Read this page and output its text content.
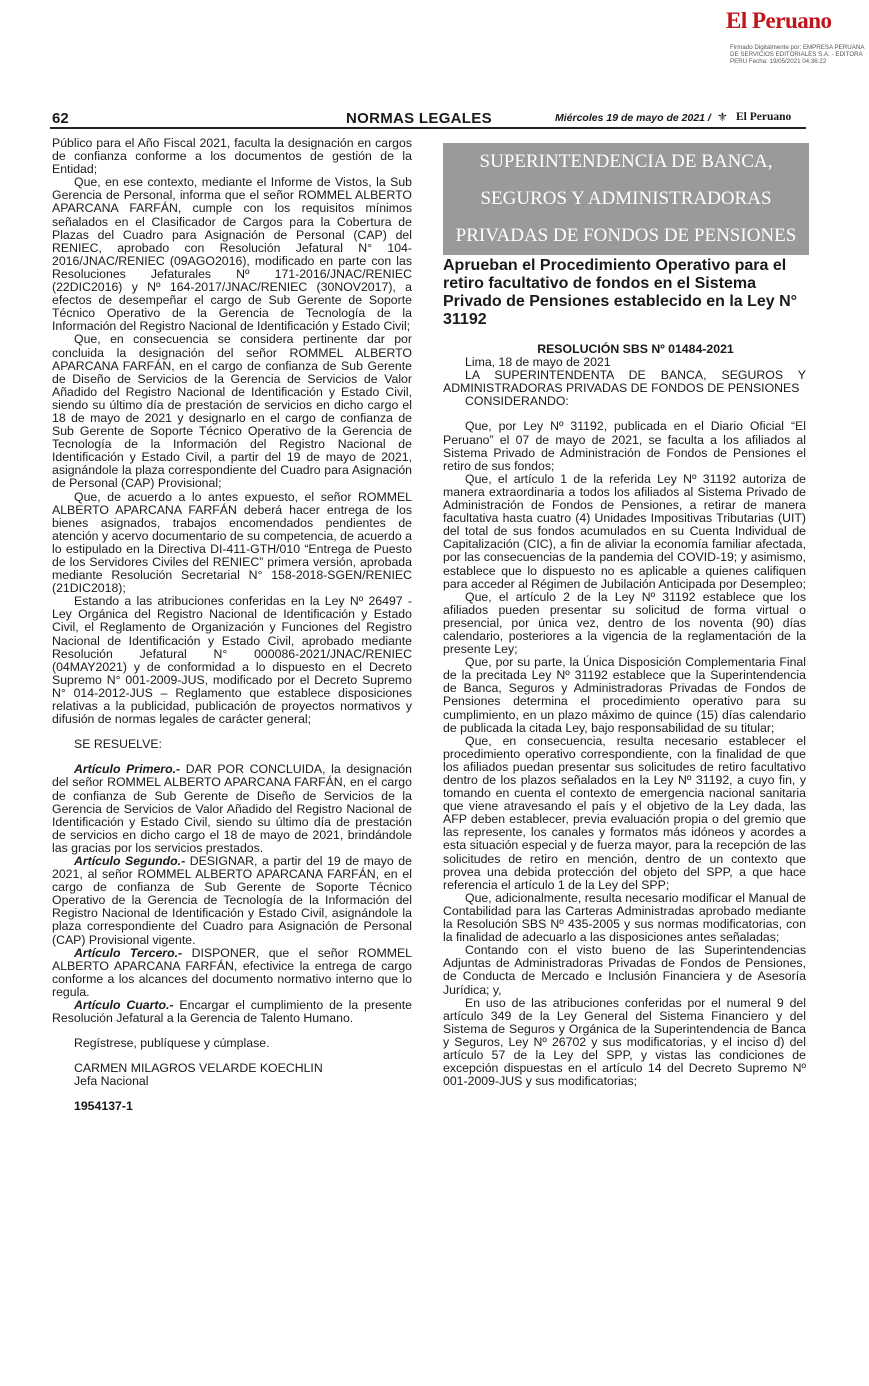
El Peruano
Firmado Digitalmente por: EMPRESA PERUANA DE SERVICIOS EDITORIALES S.A. - EDITORA PERU Fecha: 19/05/2021 04:36:22
62	NORMAS LEGALES	Miércoles 19 de mayo de 2021 / ⚜ El Peruano

Público para el Año Fiscal 2021, faculta la designación en cargos de confianza conforme a los documentos de gestión de la Entidad;

Que, en ese contexto, mediante el Informe de Vistos, la Sub Gerencia de Personal, informa que el señor ROMMEL ALBERTO APARCANA FARFÁN, cumple con los requisitos mínimos señalados en el Clasificador de Cargos para la Cobertura de Plazas del Cuadro para Asignación de Personal (CAP) del RENIEC, aprobado con Resolución Jefatural N° 104-2016/JNAC/RENIEC (09AGO2016), modificado en parte con las Resoluciones Jefaturales Nº 171-2016/JNAC/RENIEC (22DIC2016) y Nº 164-2017/JNAC/RENIEC (30NOV2017), a efectos de desempeñar el cargo de Sub Gerente de Soporte Técnico Operativo de la Gerencia de Tecnología de la Información del Registro Nacional de Identificación y Estado Civil;

Que, en consecuencia se considera pertinente dar por concluida la designación del señor ROMMEL ALBERTO APARCANA FARFÁN, en el cargo de confianza de Sub Gerente de Diseño de Servicios de la Gerencia de Servicios de Valor Añadido del Registro Nacional de Identificación y Estado Civil, siendo su último día de prestación de servicios en dicho cargo el 18 de mayo de 2021 y designarlo en el cargo de confianza de Sub Gerente de Soporte Técnico Operativo de la Gerencia de Tecnología de la Información del Registro Nacional de Identificación y Estado Civil, a partir del 19 de mayo de 2021, asignándole la plaza correspondiente del Cuadro para Asignación de Personal (CAP) Provisional;

Que, de acuerdo a lo antes expuesto, el señor ROMMEL ALBERTO APARCANA FARFÁN deberá hacer entrega de los bienes asignados, trabajos encomendados pendientes de atención y acervo documentario de su competencia, de acuerdo a lo estipulado en la Directiva DI-411-GTH/010 “Entrega de Puesto de los Servidores Civiles del RENIEC” primera versión, aprobada mediante Resolución Secretarial N° 158-2018-SGEN/RENIEC (21DIC2018);

Estando a las atribuciones conferidas en la Ley Nº 26497 - Ley Orgánica del Registro Nacional de Identificación y Estado Civil, el Reglamento de Organización y Funciones del Registro Nacional de Identificación y Estado Civil, aprobado mediante Resolución Jefatural N° 000086-2021/JNAC/RENIEC (04MAY2021) y de conformidad a lo dispuesto en el Decreto Supremo N° 001-2009-JUS, modificado por el Decreto Supremo N° 014-2012-JUS – Reglamento que establece disposiciones relativas a la publicidad, publicación de proyectos normativos y difusión de normas legales de carácter general;

SE RESUELVE:

Artículo Primero.- DAR POR CONCLUIDA, la designación del señor ROMMEL ALBERTO APARCANA FARFÁN, en el cargo de confianza de Sub Gerente de Diseño de Servicios de la Gerencia de Servicios de Valor Añadido del Registro Nacional de Identificación y Estado Civil, siendo su último día de prestación de servicios en dicho cargo el 18 de mayo de 2021, brindándole las gracias por los servicios prestados.

Artículo Segundo.- DESIGNAR, a partir del 19 de mayo de 2021, al señor ROMMEL ALBERTO APARCANA FARFÁN, en el cargo de confianza de Sub Gerente de Soporte Técnico Operativo de la Gerencia de Tecnología de la Información del Registro Nacional de Identificación y Estado Civil, asignándole la plaza correspondiente del Cuadro para Asignación de Personal (CAP) Provisional vigente.

Artículo Tercero.- DISPONER, que el señor ROMMEL ALBERTO APARCANA FARFÁN, efectivice la entrega de cargo conforme a los alcances del documento normativo interno que lo regula.

Artículo Cuarto.- Encargar el cumplimiento de la presente Resolución Jefatural a la Gerencia de Talento Humano.

Regístrese, publíquese y cúmplase.

CARMEN MILAGROS VELARDE KOECHLIN

Jefa Nacional

1954137-1

SUPERINTENDENCIA DE BANCA,
SEGUROS Y ADMINISTRADORAS
PRIVADAS DE FONDOS DE PENSIONES
Aprueban el Procedimiento Operativo para el retiro facultativo de fondos en el Sistema Privado de Pensiones establecido en la Ley N° 31192

RESOLUCIÓN SBS Nº 01484-2021

Lima, 18 de mayo de 2021

LA SUPERINTENDENTA DE BANCA, SEGUROS Y ADMINISTRADORAS PRIVADAS DE FONDOS DE PENSIONES

CONSIDERANDO:

Que, por Ley Nº 31192, publicada en el Diario Oficial “El Peruano” el 07 de mayo de 2021, se faculta a los afiliados al Sistema Privado de Administración de Fondos de Pensiones el retiro de sus fondos;

Que, el artículo 1 de la referida Ley Nº 31192 autoriza de manera extraordinaria a todos los afiliados al Sistema Privado de Administración de Fondos de Pensiones, a retirar de manera facultativa hasta cuatro (4) Unidades Impositivas Tributarias (UIT) del total de sus fondos acumulados en su Cuenta Individual de Capitalización (CIC), a fin de aliviar la economía familiar afectada, por las consecuencias de la pandemia del COVID-19; y asimismo, establece que lo dispuesto no es aplicable a quienes califiquen para acceder al Régimen de Jubilación Anticipada por Desempleo;

Que, el artículo 2 de la Ley Nº 31192 establece que los afiliados pueden presentar su solicitud de forma virtual o presencial, por única vez, dentro de los noventa (90) días calendario, posteriores a la vigencia de la reglamentación de la presente Ley;

Que, por su parte, la Única Disposición Complementaria Final de la precitada Ley Nº 31192 establece que la Superintendencia de Banca, Seguros y Administradoras Privadas de Fondos de Pensiones determina el procedimiento operativo para su cumplimiento, en un plazo máximo de quince (15) días calendario de publicada la citada Ley, bajo responsabilidad de su titular;

Que, en consecuencia, resulta necesario establecer el procedimiento operativo correspondiente, con la finalidad de que los afiliados puedan presentar sus solicitudes de retiro facultativo dentro de los plazos señalados en la Ley Nº 31192, a cuyo fin, y tomando en cuenta el contexto de emergencia nacional sanitaria que viene atravesando el país y el objetivo de la Ley dada, las AFP deben establecer, previa evaluación propia o del gremio que las represente, los canales y formatos más idóneos y acordes a esta situación especial y de fuerza mayor, para la recepción de las solicitudes de retiro en mención, dentro de un contexto que provea una debida protección del objeto del SPP, a que hace referencia el artículo 1 de la Ley del SPP;

Que, adicionalmente, resulta necesario modificar el Manual de Contabilidad para las Carteras Administradas aprobado mediante la Resolución SBS Nº 435-2005 y sus normas modificatorias, con la finalidad de adecuarlo a las disposiciones antes señaladas;

Contando con el visto bueno de las Superintendencias Adjuntas de Administradoras Privadas de Fondos de Pensiones, de Conducta de Mercado e Inclusión Financiera y de Asesoría Jurídica; y,

En uso de las atribuciones conferidas por el numeral 9 del artículo 349 de la Ley General del Sistema Financiero y del Sistema de Seguros y Orgánica de la Superintendencia de Banca y Seguros, Ley Nº 26702 y sus modificatorias, y el inciso d) del artículo 57 de la Ley del SPP, y vistas las condiciones de excepción dispuestas en el artículo 14 del Decreto Supremo Nº 001-2009-JUS y sus modificatorias;
